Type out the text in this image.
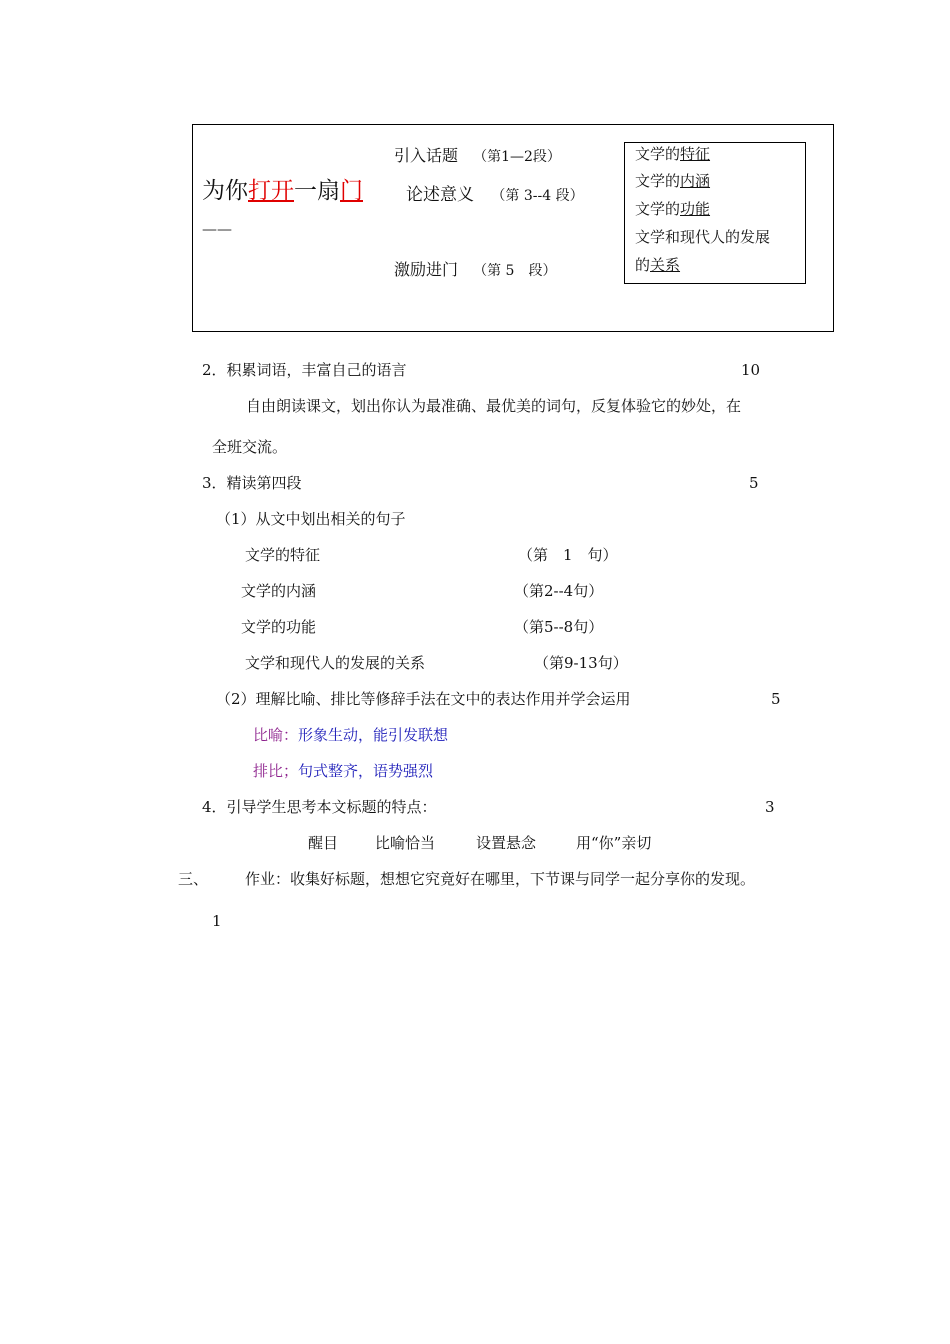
为你打开一扇门
——
引入话题 （第1—2段）
论述意义 （第 3--4 段）
激励进门 （第 5　段）
文学的特征
文学的内涵
文学的功能
文学和现代人的发展
的关系
2．积累词语，丰富自己的语言	10
自由朗读课文，划出你认为最准确、最优美的词句，反复体验它的妙处，在
全班交流。
3．精读第四段	5
（1）从文中划出相关的句子
文学的特征	（第　1　句）
文学的内涵	（第2--4句）
文学的功能	（第5--8句）
文学和现代人的发展的关系	（第9-13句）
（2）理解比喻、排比等修辞手法在文中的表达作用并学会运用	5
比喻：形象生动，能引发联想
排比；句式整齐，语势强烈
4．引导学生思考本文标题的特点：	3
醒目 比喻恰当	设置悬念	用“你”亲切
三、 作业：收集好标题，想想它究竟好在哪里，下节课与同学一起分享你的发现。
1
